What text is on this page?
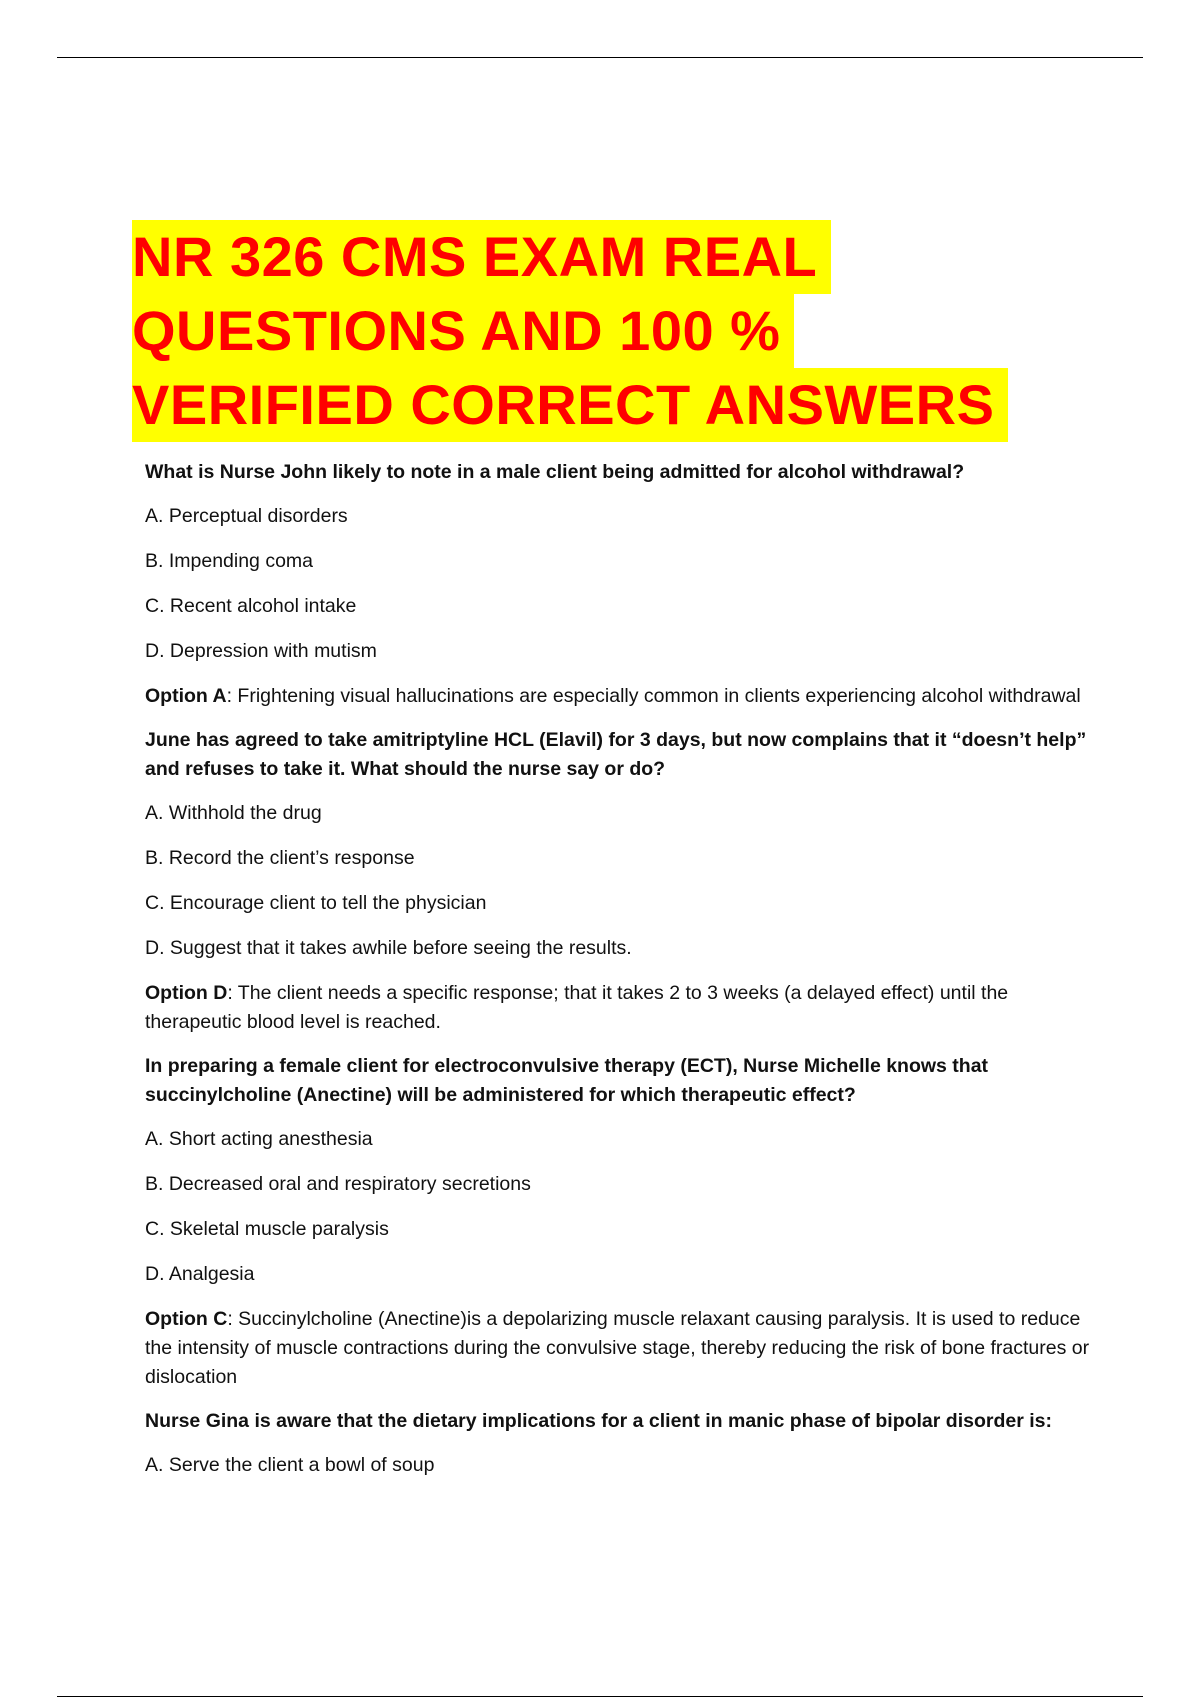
NR 326 CMS EXAM REAL
QUESTIONS AND 100 %
VERIFIED CORRECT ANSWERS
What is Nurse John likely to note in a male client being admitted for alcohol withdrawal?
A. Perceptual disorders
B. Impending coma
C. Recent alcohol intake
D. Depression with mutism
Option A: Frightening visual hallucinations are especially common in clients experiencing alcohol withdrawal
June has agreed to take amitriptyline HCL (Elavil) for 3 days, but now complains that it “doesn’t help” and refuses to take it. What should the nurse say or do?
A. Withhold the drug
B. Record the client’s response
C. Encourage client to tell the physician
D. Suggest that it takes awhile before seeing the results.
Option D: The client needs a specific response; that it takes 2 to 3 weeks (a delayed effect) until the therapeutic blood level is reached.
In preparing a female client for electroconvulsive therapy (ECT), Nurse Michelle knows that succinylcholine (Anectine) will be administered for which therapeutic effect?
A. Short acting anesthesia
B. Decreased oral and respiratory secretions
C. Skeletal muscle paralysis
D. Analgesia
Option C: Succinylcholine (Anectine)is a depolarizing muscle relaxant causing paralysis. It is used to reduce the intensity of muscle contractions during the convulsive stage, thereby reducing the risk of bone fractures or dislocation
Nurse Gina is aware that the dietary implications for a client in manic phase of bipolar disorder is:
A. Serve the client a bowl of soup
